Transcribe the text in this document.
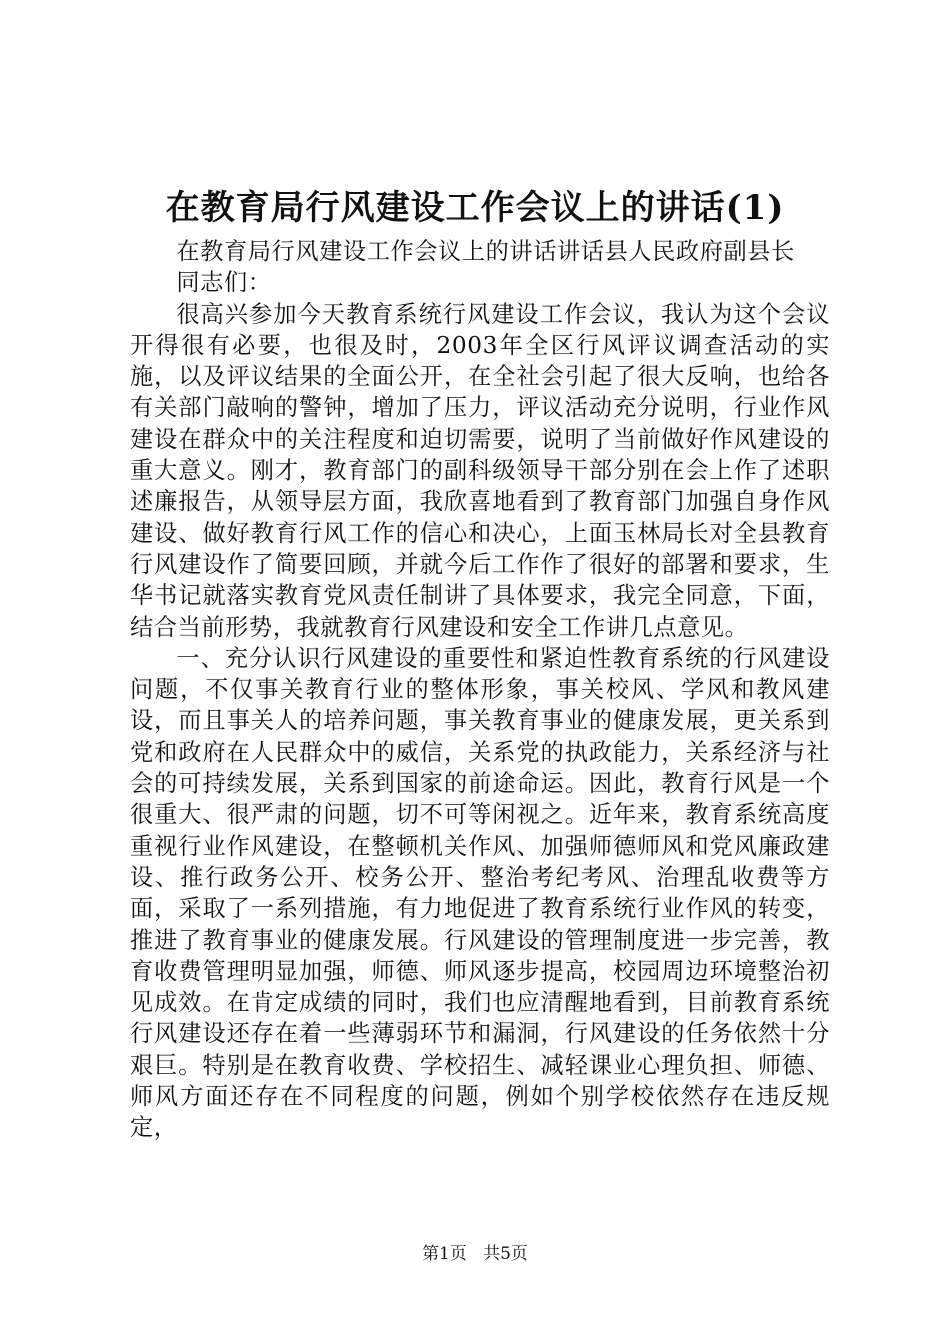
在教育局行风建设工作会议上的讲话(1)

在教育局行风建设工作会议上的讲话讲话县人民政府副县长

同志们：

很高兴参加今天教育系统行风建设工作会议，我认为这个会议开得很有必要，也很及时，2003年全区行风评议调查活动的实施，以及评议结果的全面公开，在全社会引起了很大反响，也给各有关部门敲响的警钟，增加了压力，评议活动充分说明，行业作风建设在群众中的关注程度和迫切需要，说明了当前做好作风建设的重大意义。刚才，教育部门的副科级领导干部分别在会上作了述职述廉报告，从领导层方面，我欣喜地看到了教育部门加强自身作风建设、做好教育行风工作的信心和决心，上面玉林局长对全县教育行风建设作了简要回顾，并就今后工作作了很好的部署和要求，生华书记就落实教育党风责任制讲了具体要求，我完全同意，下面，结合当前形势，我就教育行风建设和安全工作讲几点意见。

一、充分认识行风建设的重要性和紧迫性教育系统的行风建设问题，不仅事关教育行业的整体形象，事关校风、学风和教风建设，而且事关人的培养问题，事关教育事业的健康发展，更关系到党和政府在人民群众中的威信，关系党的执政能力，关系经济与社会的可持续发展，关系到国家的前途命运。因此，教育行风是一个很重大、很严肃的问题，切不可等闲视之。近年来，教育系统高度重视行业作风建设，在整顿机关作风、加强师德师风和党风廉政建设、推行政务公开、校务公开、整治考纪考风、治理乱收费等方面，采取了一系列措施，有力地促进了教育系统行业作风的转变，推进了教育事业的健康发展。行风建设的管理制度进一步完善，教育收费管理明显加强，师德、师风逐步提高，校园周边环境整治初见成效。在肯定成绩的同时，我们也应清醒地看到，目前教育系统行风建设还存在着一些薄弱环节和漏洞，行风建设的任务依然十分艰巨。特别是在教育收费、学校招生、减轻课业心理负担、师德、师风方面还存在不同程度的问题，例如个别学校依然存在违反规定，

第1页 共5页
